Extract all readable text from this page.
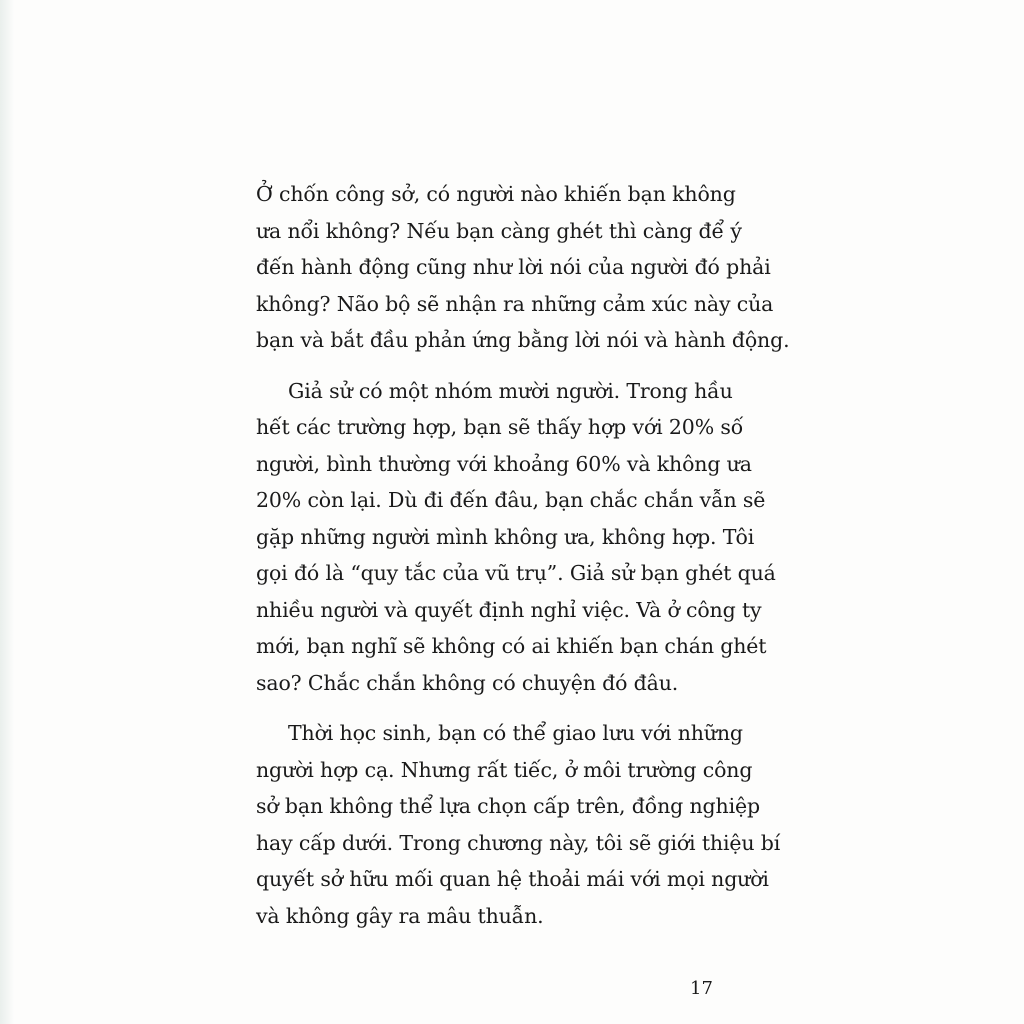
Ở chốn công sở, có người nào khiến bạn không
ưa nổi không? Nếu bạn càng ghét thì càng để ý
đến hành động cũng như lời nói của người đó phải
không? Não bộ sẽ nhận ra những cảm xúc này của
bạn và bắt đầu phản ứng bằng lời nói và hành động.
Giả sử có một nhóm mười người. Trong hầu
hết các trường hợp, bạn sẽ thấy hợp với 20% số
người, bình thường với khoảng 60% và không ưa
20% còn lại. Dù đi đến đâu, bạn chắc chắn vẫn sẽ
gặp những người mình không ưa, không hợp. Tôi
gọi đó là “quy tắc của vũ trụ”. Giả sử bạn ghét quá
nhiều người và quyết định nghỉ việc. Và ở công ty
mới, bạn nghĩ sẽ không có ai khiến bạn chán ghét
sao? Chắc chắn không có chuyện đó đâu.
Thời học sinh, bạn có thể giao lưu với những
người hợp cạ. Nhưng rất tiếc, ở môi trường công
sở bạn không thể lựa chọn cấp trên, đồng nghiệp
hay cấp dưới. Trong chương này, tôi sẽ giới thiệu bí
quyết sở hữu mối quan hệ thoải mái với mọi người
và không gây ra mâu thuẫn.
17
